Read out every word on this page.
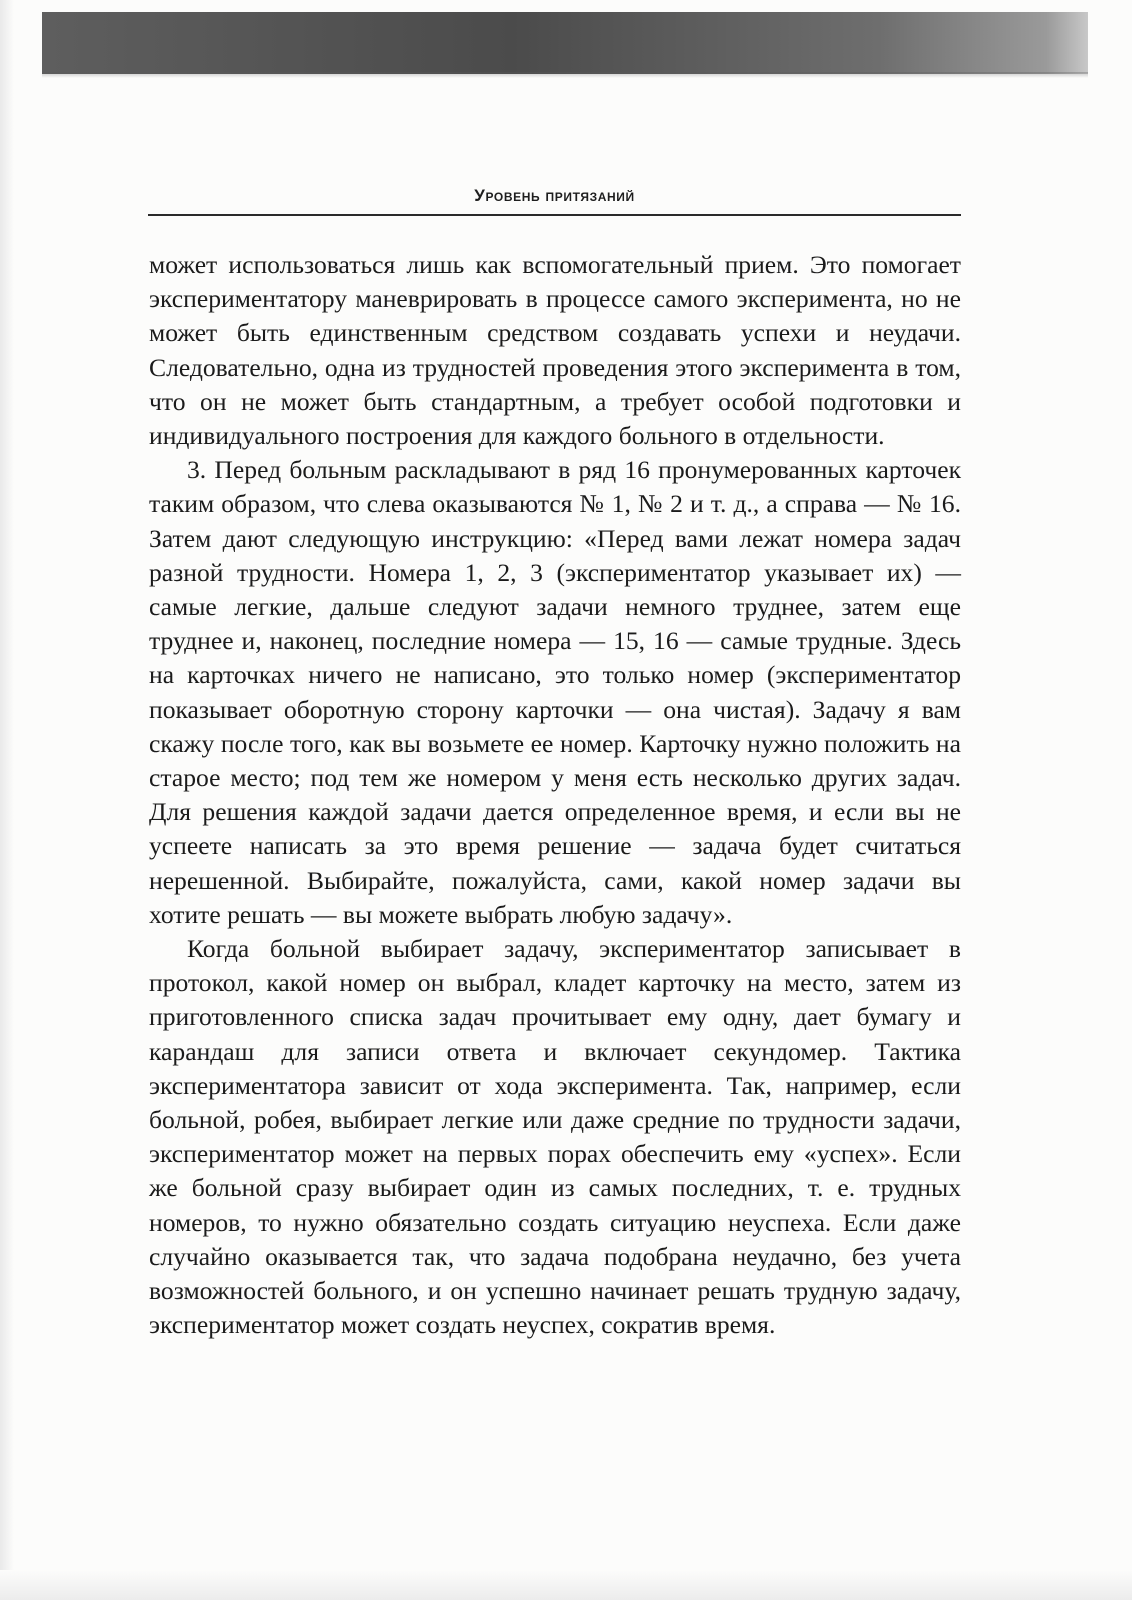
Уровень притязаний

может использоваться лишь как вспомогательный прием. Это помогает экспериментатору маневрировать в процессе самого эксперимента, но не может быть единственным средством создавать успехи и неудачи. Следовательно, одна из трудностей проведения этого эксперимента в том, что он не может быть стандартным, а требует особой подготовки и индивидуального построения для каждого больного в отдельности.

3. Перед больным раскладывают в ряд 16 пронумерованных карточек таким образом, что слева оказываются № 1, № 2 и т. д., а справа — № 16. Затем дают следующую инструкцию: «Перед вами лежат номера задач разной трудности. Номера 1, 2, 3 (экспериментатор указывает их) — самые легкие, дальше следуют задачи немного труднее, затем еще труднее и, наконец, последние номера — 15, 16 — самые трудные. Здесь на карточках ничего не написано, это только номер (экспериментатор показывает оборотную сторону карточки — она чистая). Задачу я вам скажу после того, как вы возьмете ее номер. Карточку нужно положить на старое место; под тем же номером у меня есть несколько других задач. Для решения каждой задачи дается определенное время, и если вы не успеете написать за это время решение — задача будет считаться нерешенной. Выбирайте, пожалуйста, сами, какой номер задачи вы хотите решать — вы можете выбрать любую задачу».

Когда больной выбирает задачу, экспериментатор записывает в протокол, какой номер он выбрал, кладет карточку на место, затем из приготовленного списка задач прочитывает ему одну, дает бумагу и карандаш для записи ответа и включает секундомер. Тактика экспериментатора зависит от хода эксперимента. Так, например, если больной, робея, выбирает легкие или даже средние по трудности задачи, экспериментатор может на первых порах обеспечить ему «успех». Если же больной сразу выбирает один из самых последних, т. е. трудных номеров, то нужно обязательно создать ситуацию неуспеха. Если даже случайно оказывается так, что задача подобрана неудачно, без учета возможностей больного, и он успешно начинает решать трудную задачу, экспериментатор может создать неуспех, сократив время.
